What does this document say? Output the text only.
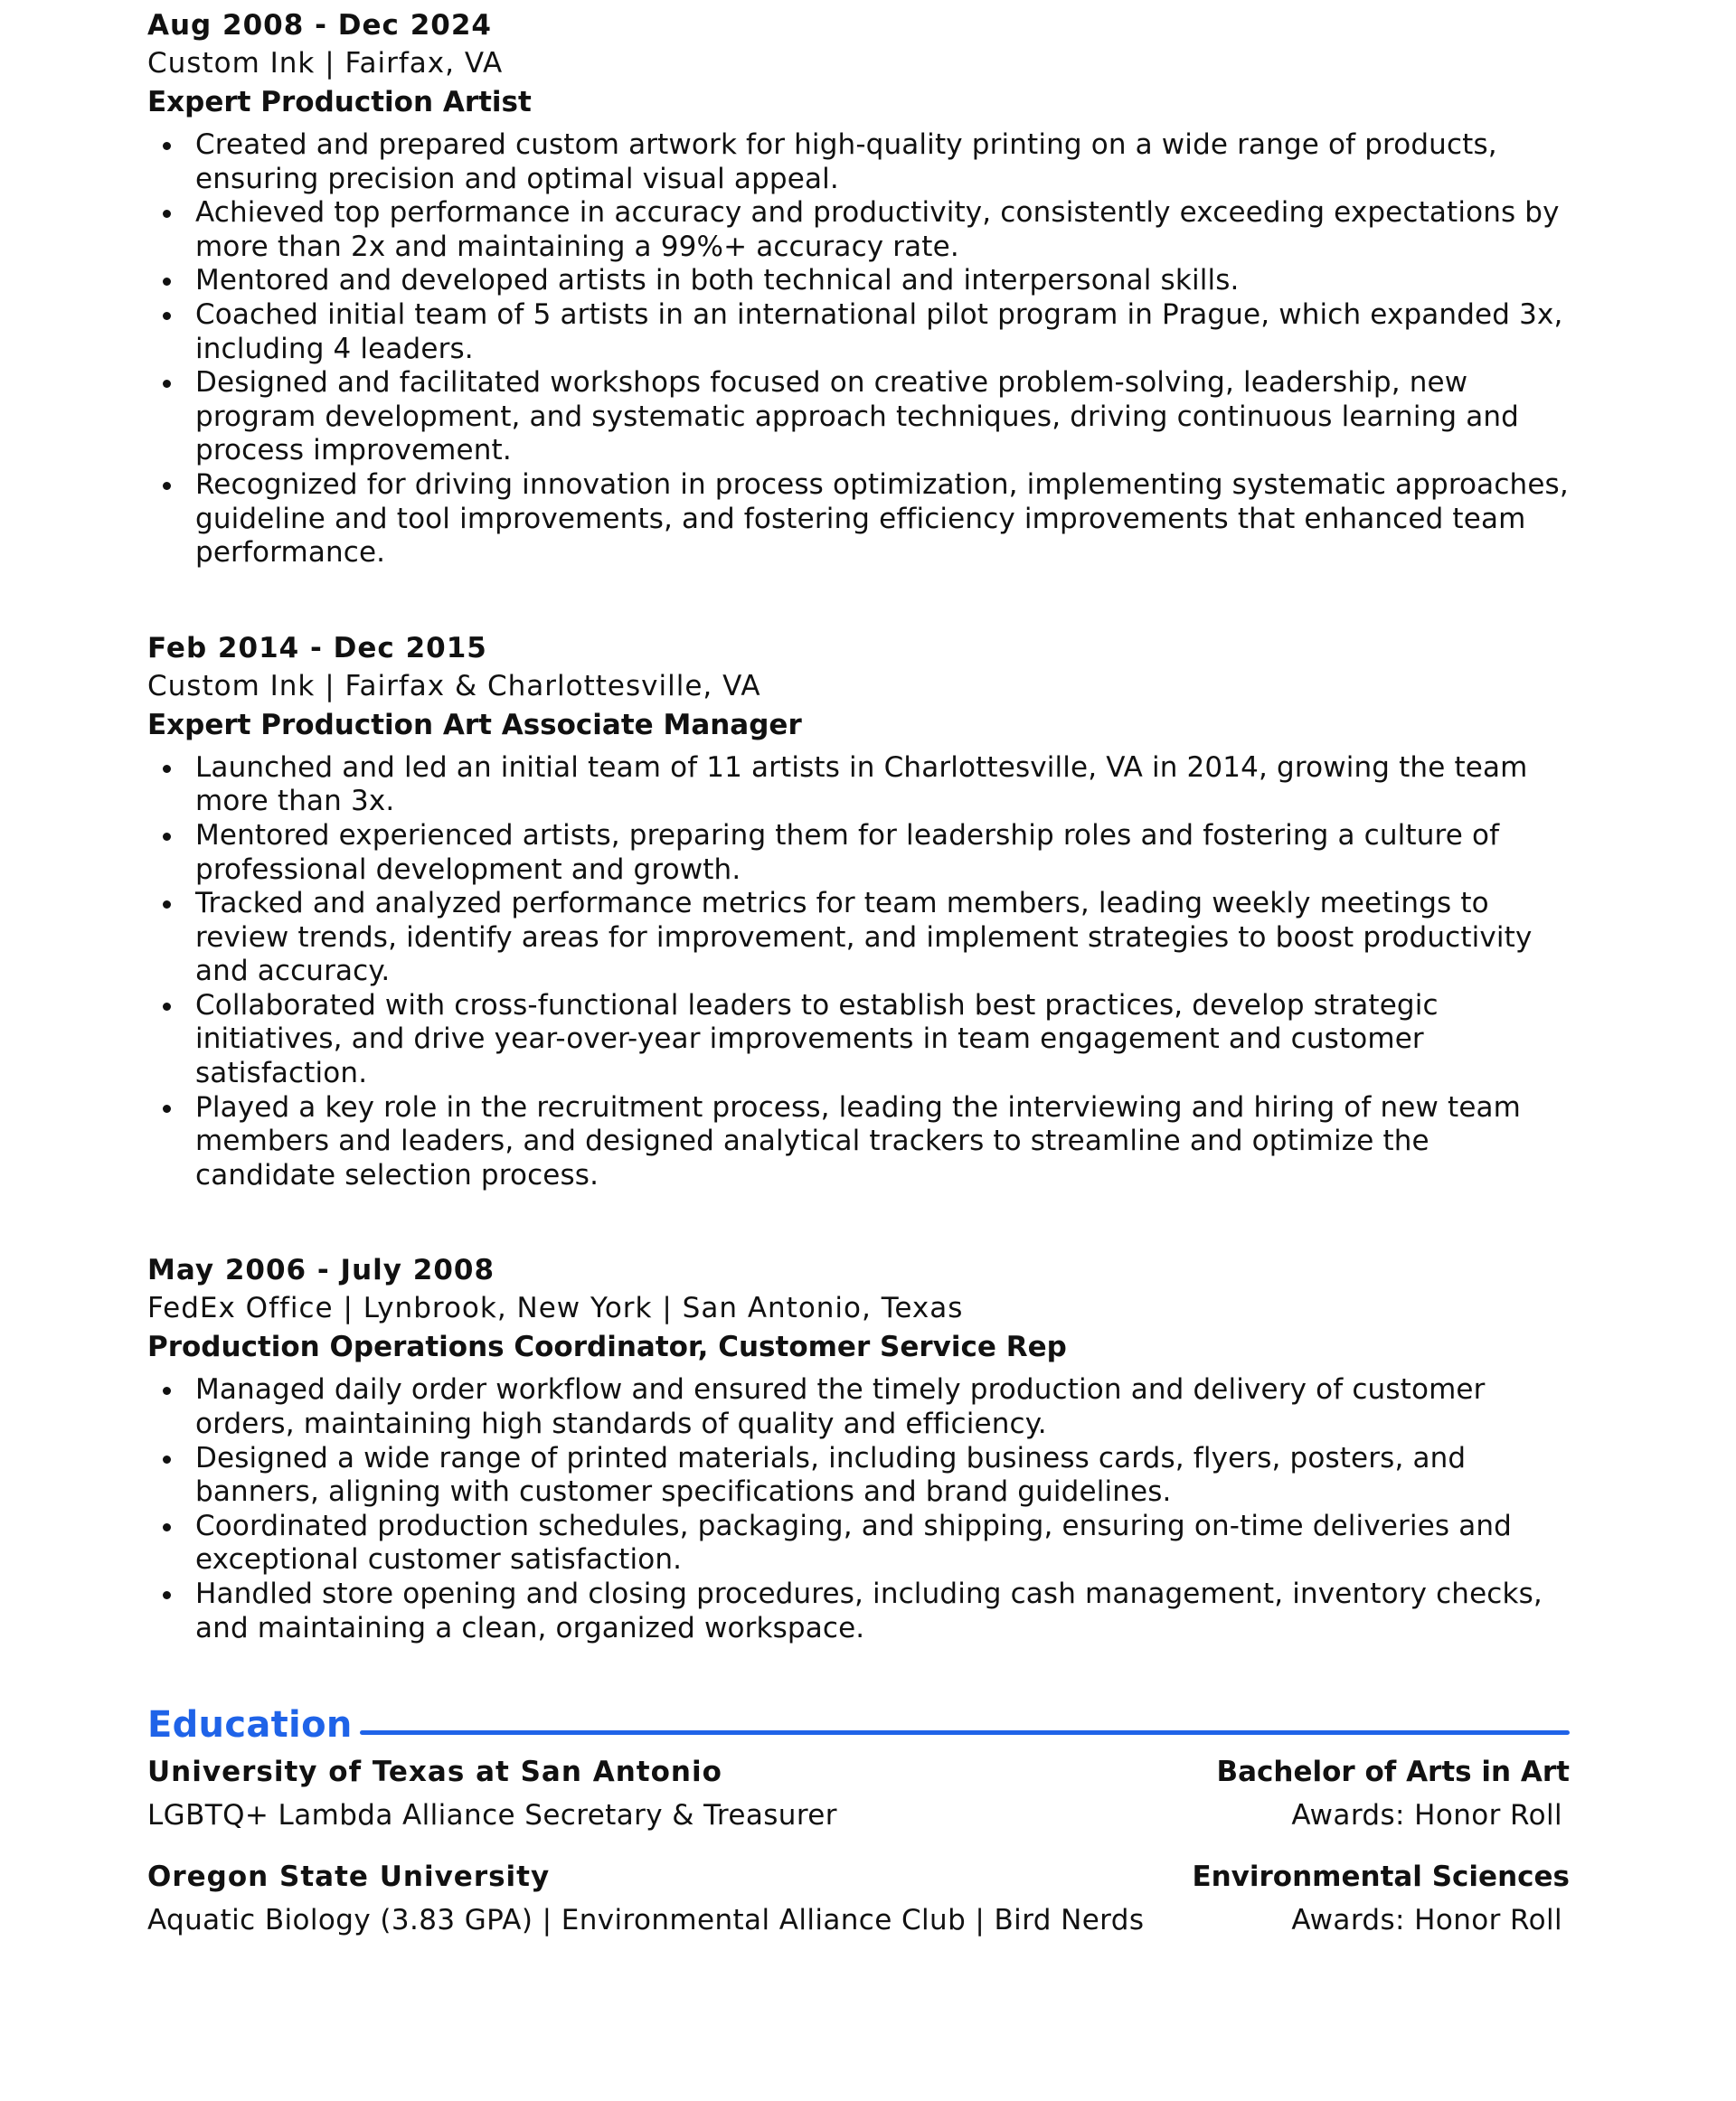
Aug 2008 - Dec 2024
Custom Ink | Fairfax, VA
Expert Production Artist
Created and prepared custom artwork for high-quality printing on a wide range of products, ensuring precision and optimal visual appeal.
Achieved top performance in accuracy and productivity, consistently exceeding expectations by more than 2x and maintaining a 99%+ accuracy rate.
Mentored and developed artists in both technical and interpersonal skills.
Coached initial team of 5 artists in an international pilot program in Prague, which expanded 3x, including 4 leaders.
Designed and facilitated workshops focused on creative problem-solving, leadership, new program development, and systematic approach techniques, driving continuous learning and process improvement.
Recognized for driving innovation in process optimization, implementing systematic approaches, guideline and tool improvements, and fostering efficiency improvements that enhanced team performance.
Feb 2014 - Dec 2015
Custom Ink | Fairfax & Charlottesville, VA
Expert Production Art Associate Manager
Launched and led an initial team of 11 artists in Charlottesville, VA in 2014, growing the team more than 3x.
Mentored experienced artists, preparing them for leadership roles and fostering a culture of professional development and growth.
Tracked and analyzed performance metrics for team members, leading weekly meetings to review trends, identify areas for improvement, and implement strategies to boost productivity and accuracy.
Collaborated with cross-functional leaders to establish best practices, develop strategic initiatives, and drive year-over-year improvements in team engagement and customer satisfaction.
Played a key role in the recruitment process, leading the interviewing and hiring of new team members and leaders, and designed analytical trackers to streamline and optimize the candidate selection process.
May 2006 - July 2008
FedEx Office | Lynbrook, New York | San Antonio, Texas
Production Operations Coordinator, Customer Service Rep
Managed daily order workflow and ensured the timely production and delivery of customer orders, maintaining high standards of quality and efficiency.
Designed a wide range of printed materials, including business cards, flyers, posters, and banners, aligning with customer specifications and brand guidelines.
Coordinated production schedules, packaging, and shipping, ensuring on-time deliveries and exceptional customer satisfaction.
Handled store opening and closing procedures, including cash management, inventory checks, and maintaining a clean, organized workspace.
Education
University of Texas at San Antonio	Bachelor of Arts in Art
LGBTQ+ Lambda Alliance Secretary & Treasurer	Awards: Honor Roll
Oregon State University	Environmental Sciences
Aquatic Biology (3.83 GPA) | Environmental Alliance Club | Bird Nerds	Awards: Honor Roll
